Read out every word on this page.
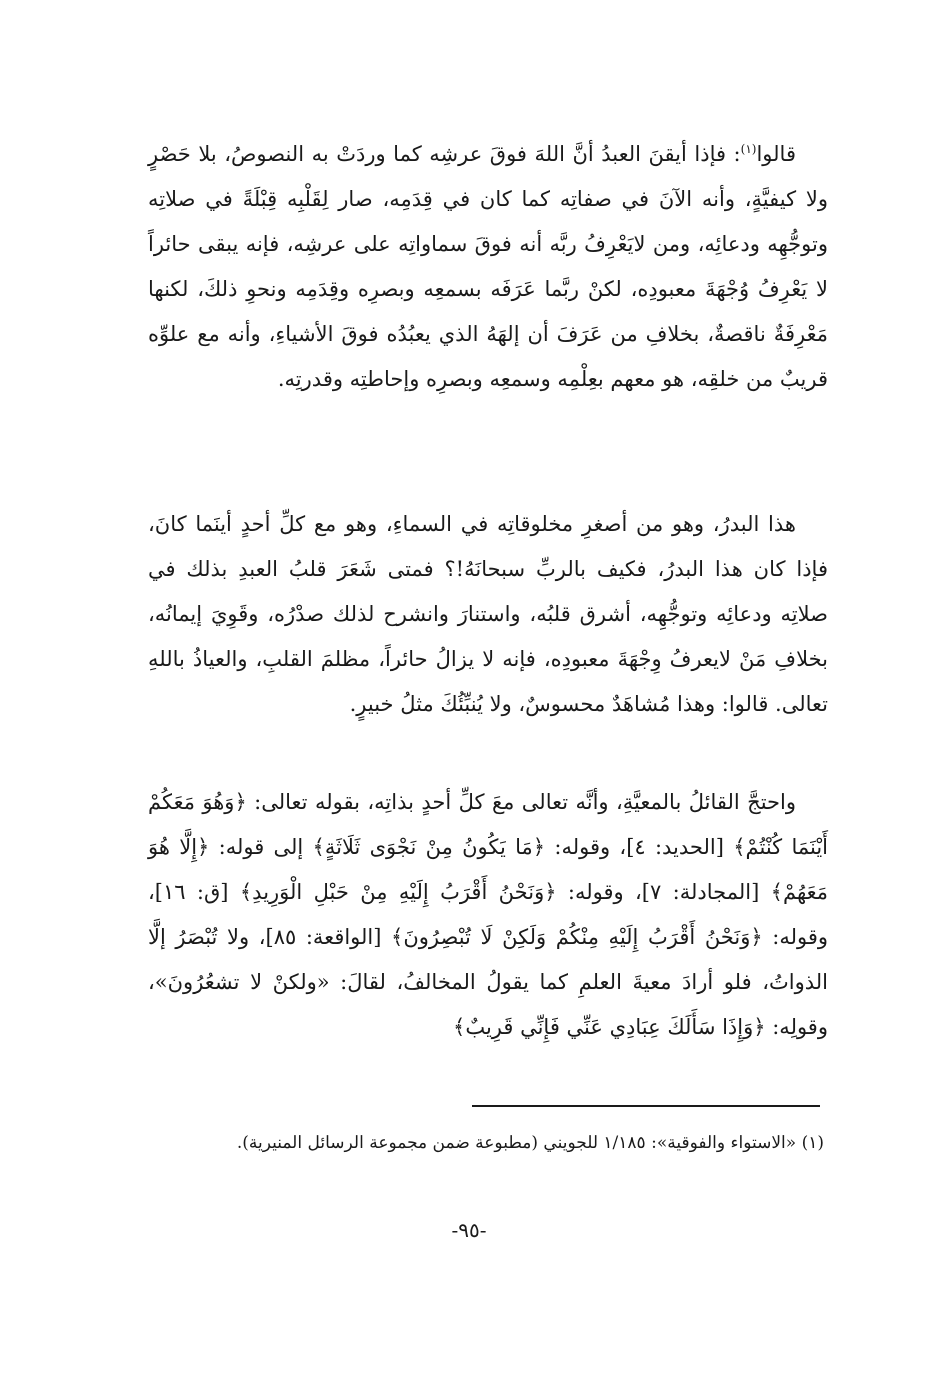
قالوا$^{(١)}$: فإذا أيقنَ العبدُ أنَّ اللهَ فوقَ عرشِه كما وردَتْ به النصوصُ، بلا حَصْرٍ ولا كيفيَّةٍ، وأنه الآنَ في صفاتِه كما كان في قِدَمِه، صار لِقَلْبِه قِبْلَةً في صلاتِه وتوجُّهِه ودعائِه، ومن لايَعْرِفُ ربَّه أنه فوقَ سماواتِه على عرشِه، فإنه يبقى حائراً لا يَعْرِفُ وُجْهَةَ معبودِه، لكنْ ربَّما عَرَفَه بسمعِه وبصرِه وقِدَمِه ونحوِ ذلكَ، لكنها مَعْرِفَةٌ ناقصةٌ، بخلافِ من عَرَفَ أن إلهَهُ الذي يعبُدُه فوقَ الأشياءِ، وأنه مع علوِّه قريبٌ من خلقِه، هو معهم بعِلْمِه وسمعِه وبصرِه وإحاطتِه وقدرتِه.

هذا البدرُ، وهو من أصغرِ مخلوقاتِه في السماءِ، وهو مع كلِّ أحدٍ أينَما كانَ، فإذا كان هذا البدرُ، فكيف بالربِّ سبحانَهُ!؟ فمتى شَعَرَ قلبُ العبدِ بذلك في صلاتِه ودعائِه وتوجُّهِه، أشرق قلبُه، واستنارَ وانشرح لذلك صدْرُه، وقَوِيَ إيمانُه، بخلافِ مَنْ لايعرفُ وِجْهَةَ معبودِه، فإنه لا يزالُ حائراً، مظلمَ القلبِ، والعياذُ باللهِ تعالى. قالوا: وهذا مُشاهَدٌ محسوسٌ، ولا يُنبِّئُكَ مثلُ خبيرٍ.

واحتجَّ القائلُ بالمعيَّةِ، وأنَّه تعالى معَ كلِّ أحدٍ بذاتِه، بقوله تعالى: ﴿وَهُوَ مَعَكُمْ أَيْنَمَا كُنْتُمْ﴾ [الحديد: ٤]، وقوله: ﴿مَا يَكُونُ مِنْ نَجْوَى ثَلَاثَةٍ﴾ إلى قوله: ﴿إِلَّا هُوَ مَعَهُمْ﴾ [المجادلة: ٧]، وقوله: ﴿وَنَحْنُ أَقْرَبُ إِلَيْهِ مِنْ حَبْلِ الْوَرِيدِ﴾ [ق: ١٦]، وقوله: ﴿وَنَحْنُ أَقْرَبُ إِلَيْهِ مِنْكُمْ وَلَكِنْ لَا تُبْصِرُونَ﴾ [الواقعة: ٨٥]، ولا تُبْصَرُ إلَّا الذواتُ، فلو أرادَ معيةَ العلمِ كما يقولُ المخالفُ، لقالَ: «ولكنْ لا تشعُرُونَ»، وقولِه: ﴿وَإِذَا سَأَلَكَ عِبَادِي عَنِّي فَإِنِّي قَرِيبٌ﴾

(١) «الاستواء والفوقية»: ١/١٨٥ للجويني (مطبوعة ضمن مجموعة الرسائل المنيرية).

-٩٥-
